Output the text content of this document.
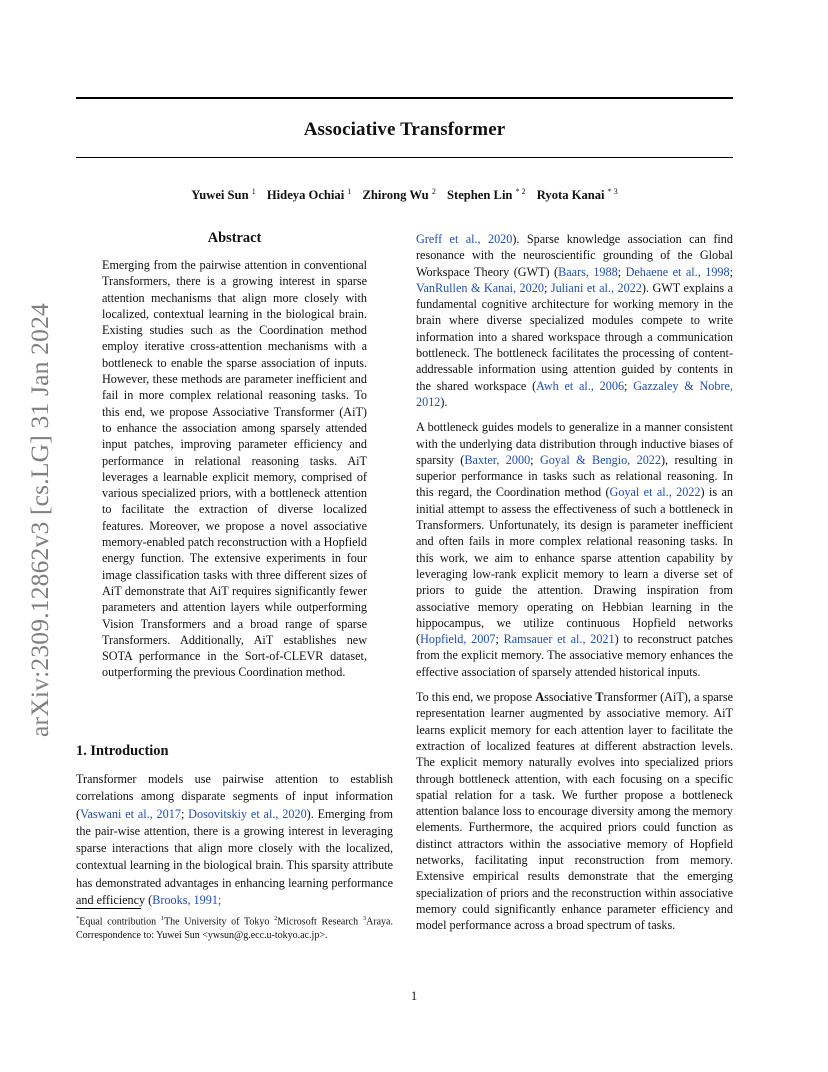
Associative Transformer
Yuwei Sun $^1$ Hideya Ochiai $^1$ Zhirong Wu $^2$ Stephen Lin $^{* 2}$ Ryota Kanai $^{* 3}$
arXiv:2309.12862v3 [cs.LG] 31 Jan 2024
Abstract

Emerging from the pairwise attention in conventional Transformers, there is a growing interest in sparse attention mechanisms that align more closely with localized, contextual learning in the biological brain. Existing studies such as the Coordination method employ iterative cross-attention mechanisms with a bottleneck to enable the sparse association of inputs. However, these methods are parameter inefficient and fail in more complex relational reasoning tasks. To this end, we propose Associative Transformer (AiT) to enhance the association among sparsely attended input patches, improving parameter efficiency and performance in relational reasoning tasks. AiT leverages a learnable explicit memory, comprised of various specialized priors, with a bottleneck attention to facilitate the extraction of diverse localized features. Moreover, we propose a novel associative memory-enabled patch reconstruction with a Hopfield energy function. The extensive experiments in four image classification tasks with three different sizes of AiT demonstrate that AiT requires significantly fewer parameters and attention layers while outperforming Vision Transformers and a broad range of sparse Transformers. Additionally, AiT establishes new SOTA performance in the Sort-of-CLEVR dataset, outperforming the previous Coordination method.

1. Introduction

Transformer models use pairwise attention to establish correlations among disparate segments of input information (Vaswani et al., 2017; Dosovitskiy et al., 2020). Emerging from the pair-wise attention, there is a growing interest in leveraging sparse interactions that align more closely with the localized, contextual learning in the biological brain. This sparsity attribute has demonstrated advantages in enhancing learning performance and efficiency (Brooks, 1991;

*Equal contribution $^1$The University of Tokyo $^2$Microsoft Research $^3$Araya. Correspondence to: Yuwei Sun <ywsun@g.ecc.u-tokyo.ac.jp>.

Greff et al., 2020). Sparse knowledge association can find resonance with the neuroscientific grounding of the Global Workspace Theory (GWT) (Baars, 1988; Dehaene et al., 1998; VanRullen & Kanai, 2020; Juliani et al., 2022). GWT explains a fundamental cognitive architecture for working memory in the brain where diverse specialized modules compete to write information into a shared workspace through a communication bottleneck. The bottleneck facilitates the processing of content-addressable information using attention guided by contents in the shared workspace (Awh et al., 2006; Gazzaley & Nobre, 2012).

A bottleneck guides models to generalize in a manner consistent with the underlying data distribution through inductive biases of sparsity (Baxter, 2000; Goyal & Bengio, 2022), resulting in superior performance in tasks such as relational reasoning. In this regard, the Coordination method (Goyal et al., 2022) is an initial attempt to assess the effectiveness of such a bottleneck in Transformers. Unfortunately, its design is parameter inefficient and often fails in more complex relational reasoning tasks. In this work, we aim to enhance sparse attention capability by leveraging low-rank explicit memory to learn a diverse set of priors to guide the attention. Drawing inspiration from associative memory operating on Hebbian learning in the hippocampus, we utilize continuous Hopfield networks (Hopfield, 2007; Ramsauer et al., 2021) to reconstruct patches from the explicit memory. The associative memory enhances the effective association of sparsely attended historical inputs.

To this end, we propose Associative Transformer (AiT), a sparse representation learner augmented by associative memory. AiT learns explicit memory for each attention layer to facilitate the extraction of localized features at different abstraction levels. The explicit memory naturally evolves into specialized priors through bottleneck attention, with each focusing on a specific spatial relation for a task. We further propose a bottleneck attention balance loss to encourage diversity among the memory elements. Furthermore, the acquired priors could function as distinct attractors within the associative memory of Hopfield networks, facilitating input reconstruction from memory. Extensive empirical results demonstrate that the emerging specialization of priors and the reconstruction within associative memory could significantly enhance parameter efficiency and model performance across a broad spectrum of tasks.

1
